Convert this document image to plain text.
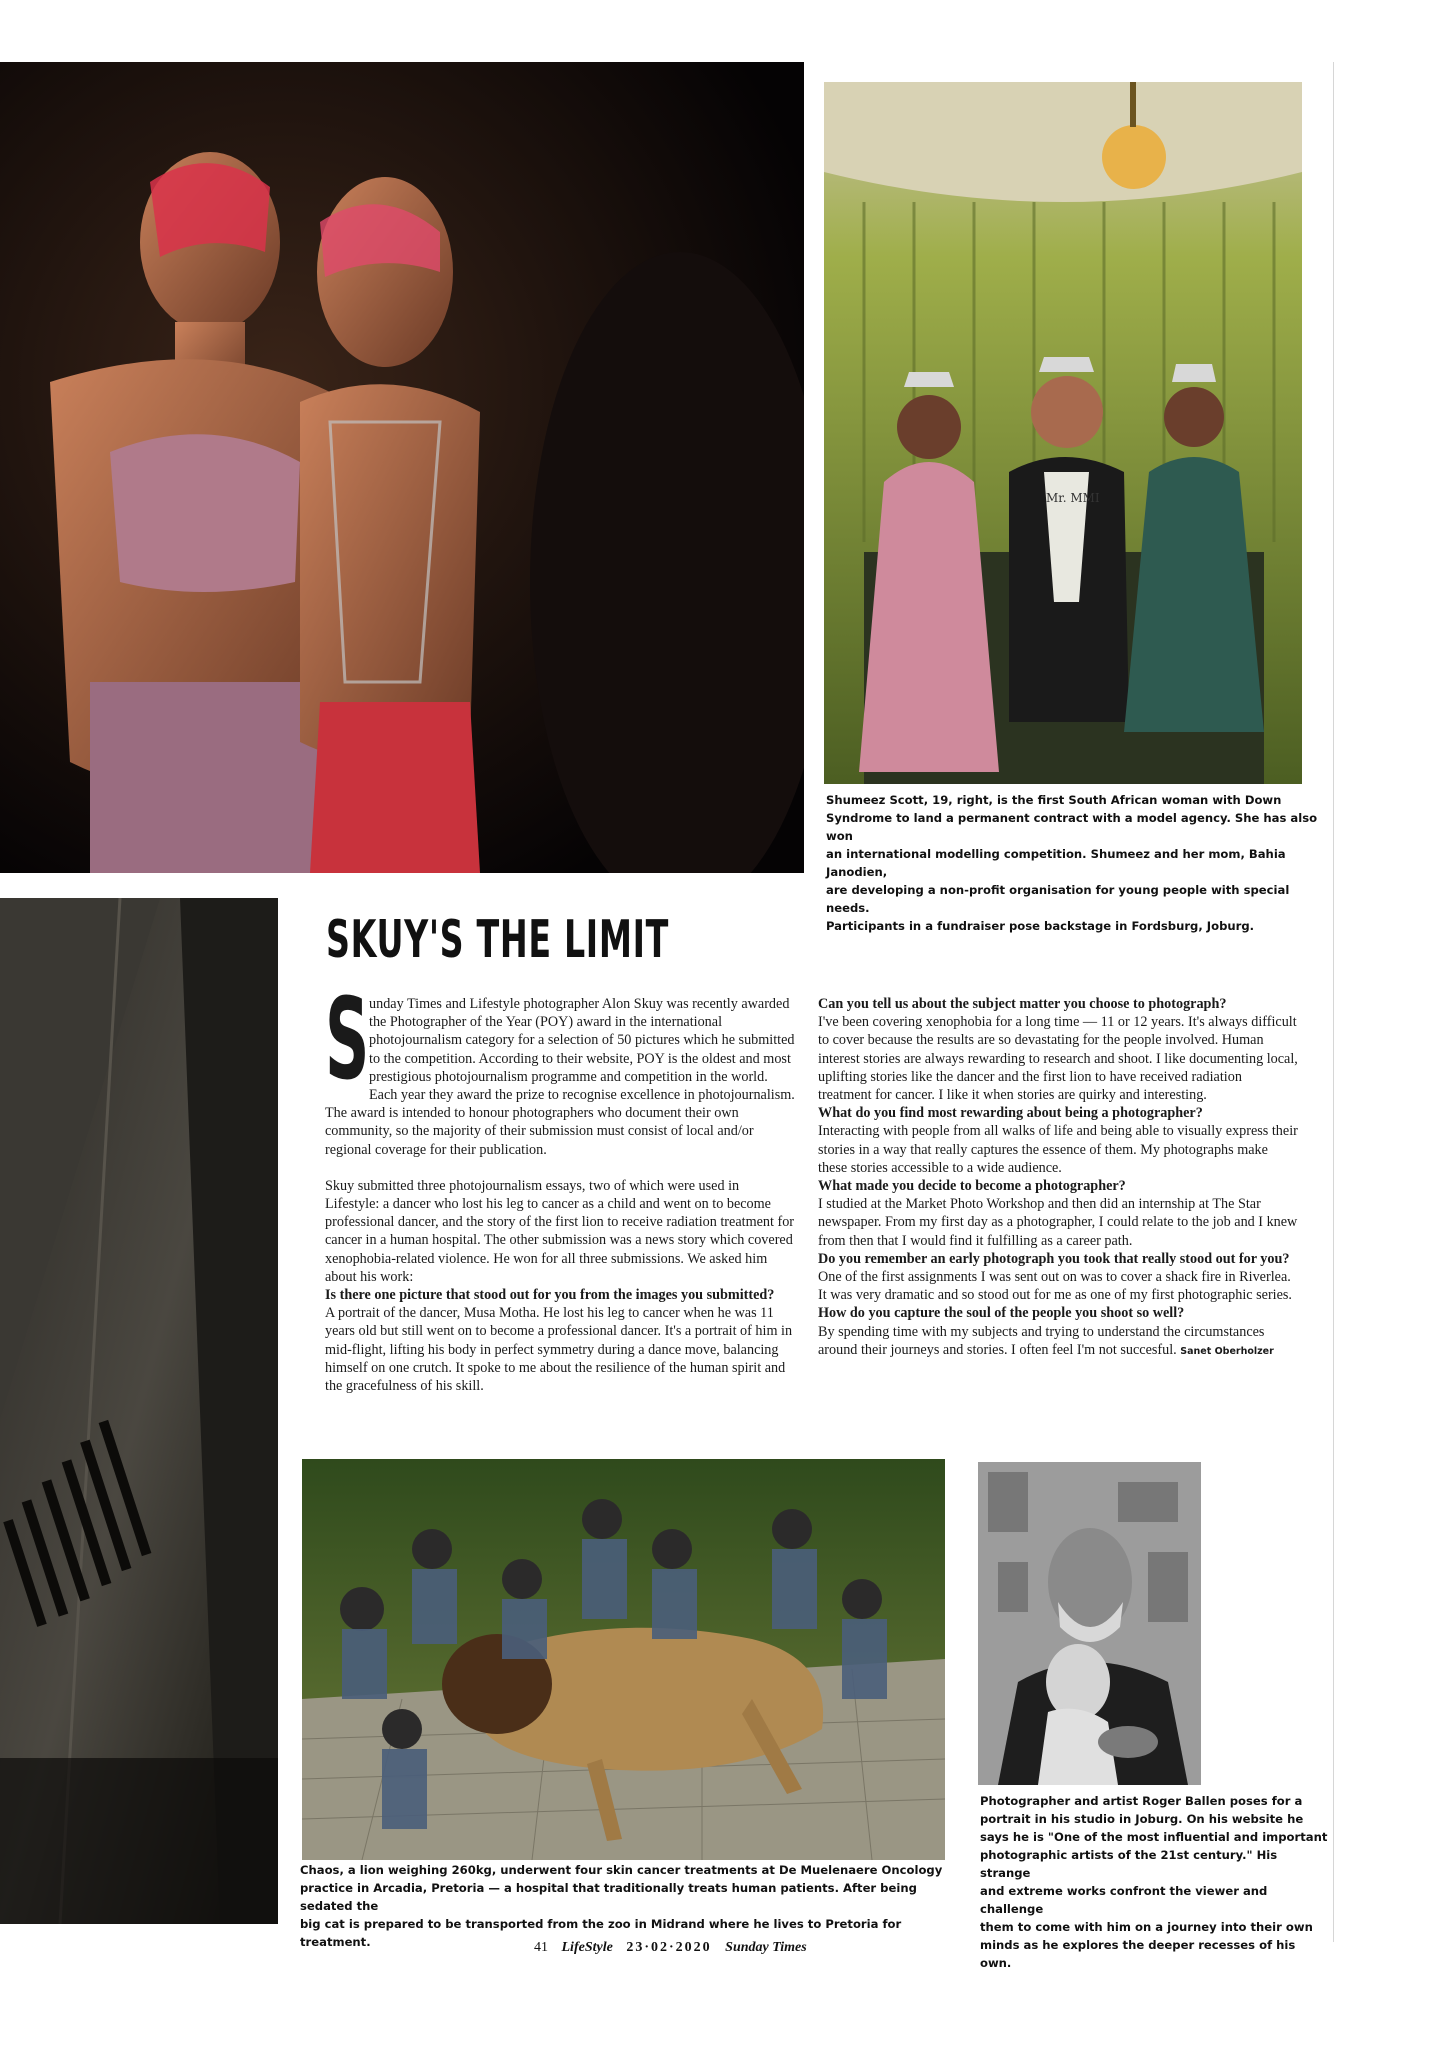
Mr. MMI
Shumeez Scott, 19, right, is the first South African woman with Down
Syndrome to land a permanent contract with a model agency. She has also won
an international modelling competition. Shumeez and her mom, Bahia Janodien,
are developing a non-profit organisation for young people with special needs.
Participants in a fundraiser pose backstage in Fordsburg, Joburg.
SKUY'S THE LIMIT

S unday Times and Lifestyle photographer Alon Skuy was recently awarded the Photographer of the Year (POY) award in the international photojournalism category for a selection of 50 pictures which he submitted to the competition. According to their website, POY is the oldest and most prestigious photojournalism programme and competition in the world. Each year they award the prize to recognise excellence in photojournalism. The award is intended to honour photographers who document their own community, so the majority of their submission must consist of local and/or regional coverage for their publication.

Skuy submitted three photojournalism essays, two of which were used in Lifestyle: a dancer who lost his leg to cancer as a child and went on to become professional dancer, and the story of the first lion to receive radiation treatment for cancer in a human hospital. The other submission was a news story which covered xenophobia-related violence. He won for all three submissions. We asked him about his work:

Is there one picture that stood out for you from the images you submitted?

A portrait of the dancer, Musa Motha. He lost his leg to cancer when he was 11 years old but still went on to become a professional dancer. It's a portrait of him in mid-flight, lifting his body in perfect symmetry during a dance move, balancing himself on one crutch. It spoke to me about the resilience of the human spirit and the gracefulness of his skill.

Can you tell us about the subject matter you choose to photograph?

I've been covering xenophobia for a long time — 11 or 12 years. It's always difficult to cover because the results are so devastating for the people involved. Human interest stories are always rewarding to research and shoot. I like documenting local, uplifting stories like the dancer and the first lion to have received radiation treatment for cancer. I like it when stories are quirky and interesting.

What do you find most rewarding about being a photographer?

Interacting with people from all walks of life and being able to visually express their stories in a way that really captures the essence of them. My photographs make these stories accessible to a wide audience.

What made you decide to become a photographer?

I studied at the Market Photo Workshop and then did an internship at The Star newspaper. From my first day as a photographer, I could relate to the job and I knew from then that I would find it fulfilling as a career path.

Do you remember an early photograph you took that really stood out for you?

One of the first assignments I was sent out on was to cover a shack fire in Riverlea. It was very dramatic and so stood out for me as one of my first photographic series.

How do you capture the soul of the people you shoot so well?

By spending time with my subjects and trying to understand the circumstances around their journeys and stories. I often feel I'm not succesful. Sanet Oberholzer

Chaos, a lion weighing 260kg, underwent four skin cancer treatments at De Muelenaere Oncology
practice in Arcadia, Pretoria — a hospital that traditionally treats human patients. After being sedated the
big cat is prepared to be transported from the zoo in Midrand where he lives to Pretoria for treatment.
Photographer and artist Roger Ballen poses for a
portrait in his studio in Joburg. On his website he
says he is "One of the most influential and important
photographic artists of the 21st century." His strange
and extreme works confront the viewer and challenge
them to come with him on a journey into their own
minds as he explores the deeper recesses of his own.
41 LifeStyle 23·02·2020 Sunday Times
